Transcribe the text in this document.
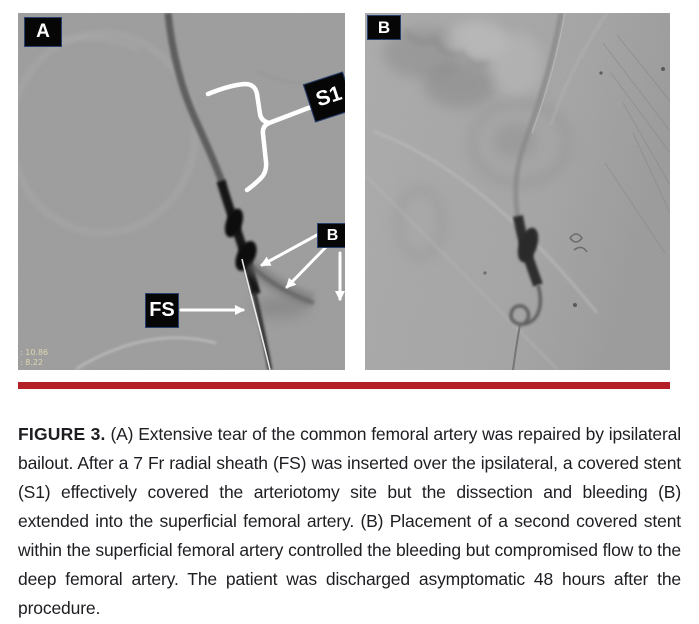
A
S1
B
FS
: 10.86
: 8.22
B

FIGURE 3. (A) Extensive tear of the common femoral artery was repaired by ipsilateral bailout. After a 7 Fr radial sheath (FS) was inserted over the ipsilateral, a covered stent (S1) effectively covered the arteriotomy site but the dissection and bleeding (B) extended into the superficial femoral artery. (B) Placement of a second covered stent within the superficial femoral artery controlled the bleeding but compromised flow to the deep femoral artery. The patient was discharged asymptomatic 48 hours after the procedure.
